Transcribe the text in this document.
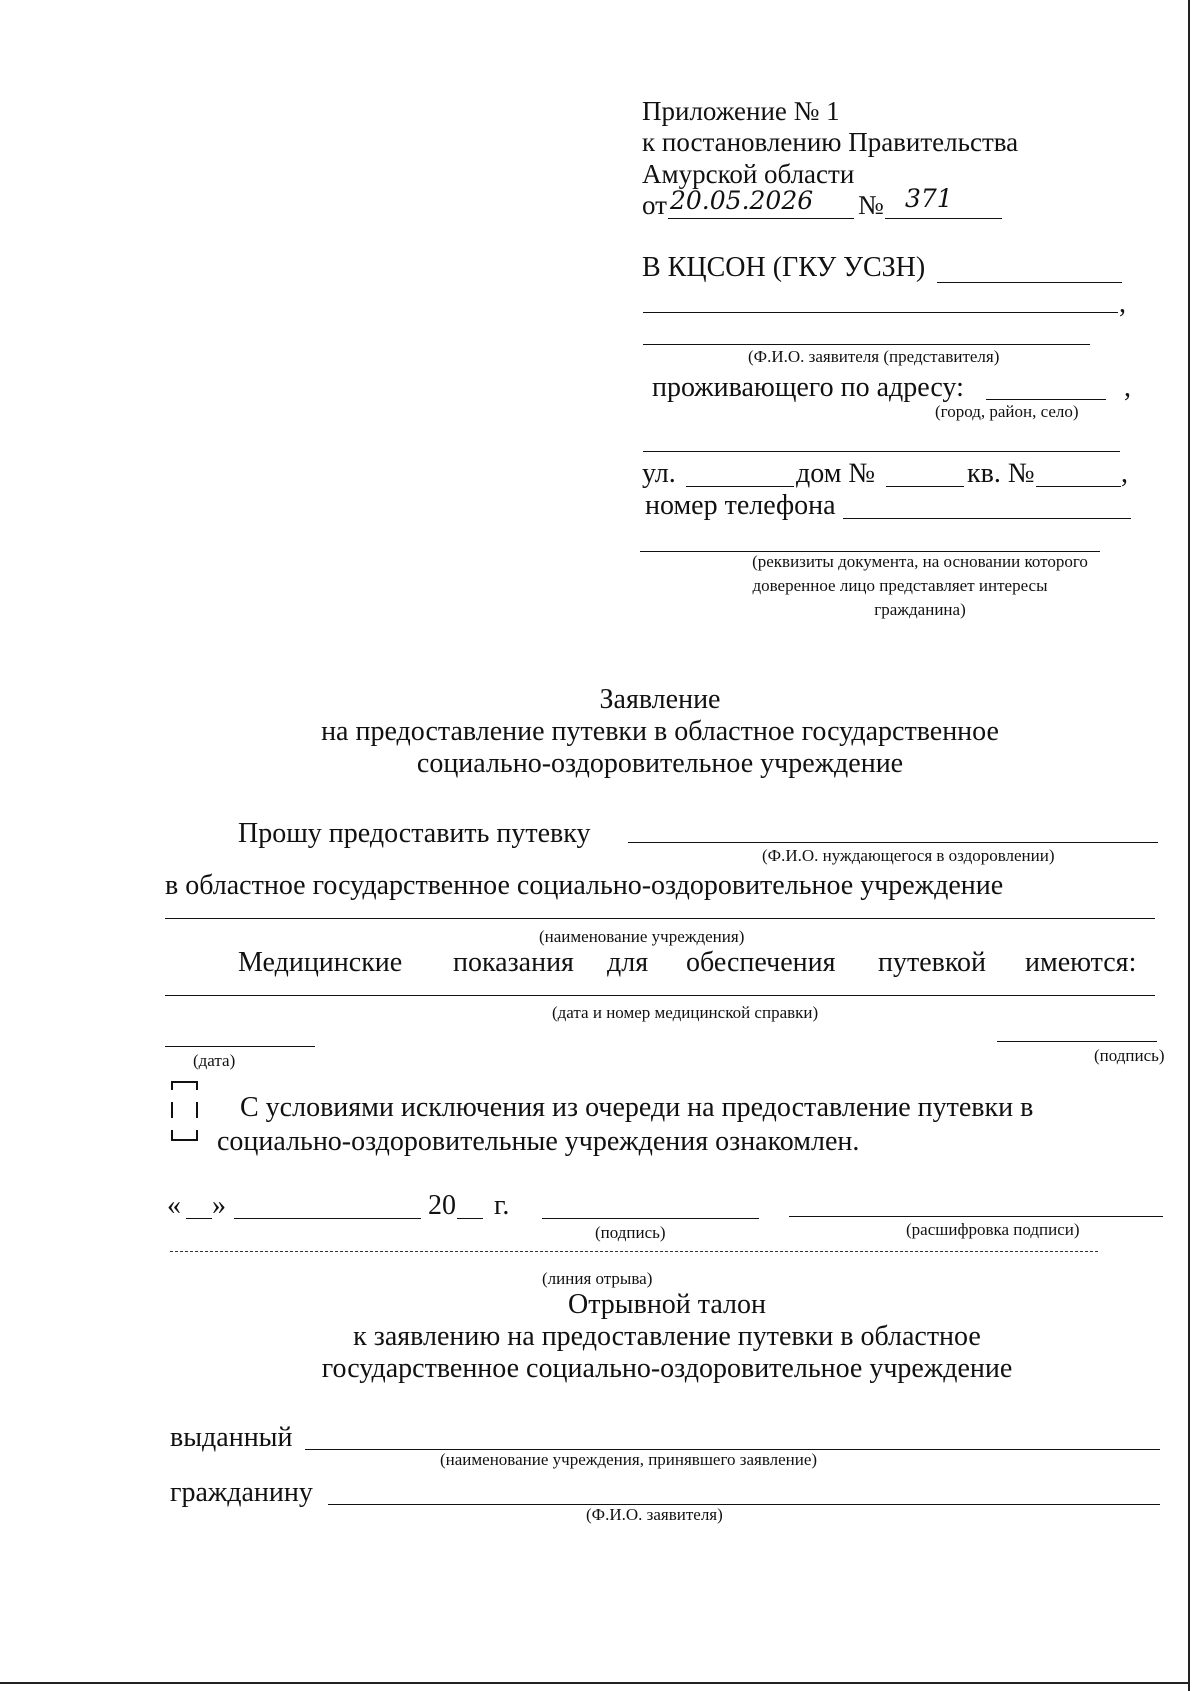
Приложение № 1
к постановлению Правительства
Амурской области
от 20.05.2026 № 371
В КЦСОН (ГКУ УСЗН)
,
(Ф.И.О. заявителя (представителя)
проживающего по адресу:	,
(город, район, село)
ул.	дом №	кв. №	,
номер телефона
(реквизиты документа, на основании которого
доверенное лицо представляет интересы
гражданина)
Заявление
на предоставление путевки в областное государственное
социально-оздоровительное учреждение
Прошу предоставить путевку
(Ф.И.О. нуждающегося в оздоровлении)
в областное государственное социально-оздоровительное учреждение
(наименование учреждения)
Медицинские показания для обеспечения путевкой имеются:
(дата и номер медицинской справки)
(дата)	(подпись)
С условиями исключения из очереди на предоставление путевки в
социально-оздоровительные учреждения ознакомлен.
« »	20 г.
(подпись)	(расшифровка подписи)
(линия отрыва)
Отрывной талон
к заявлению на предоставление путевки в областное
государственное социально-оздоровительное учреждение
выданный
(наименование учреждения, принявшего заявление)
гражданину
(Ф.И.О. заявителя)
